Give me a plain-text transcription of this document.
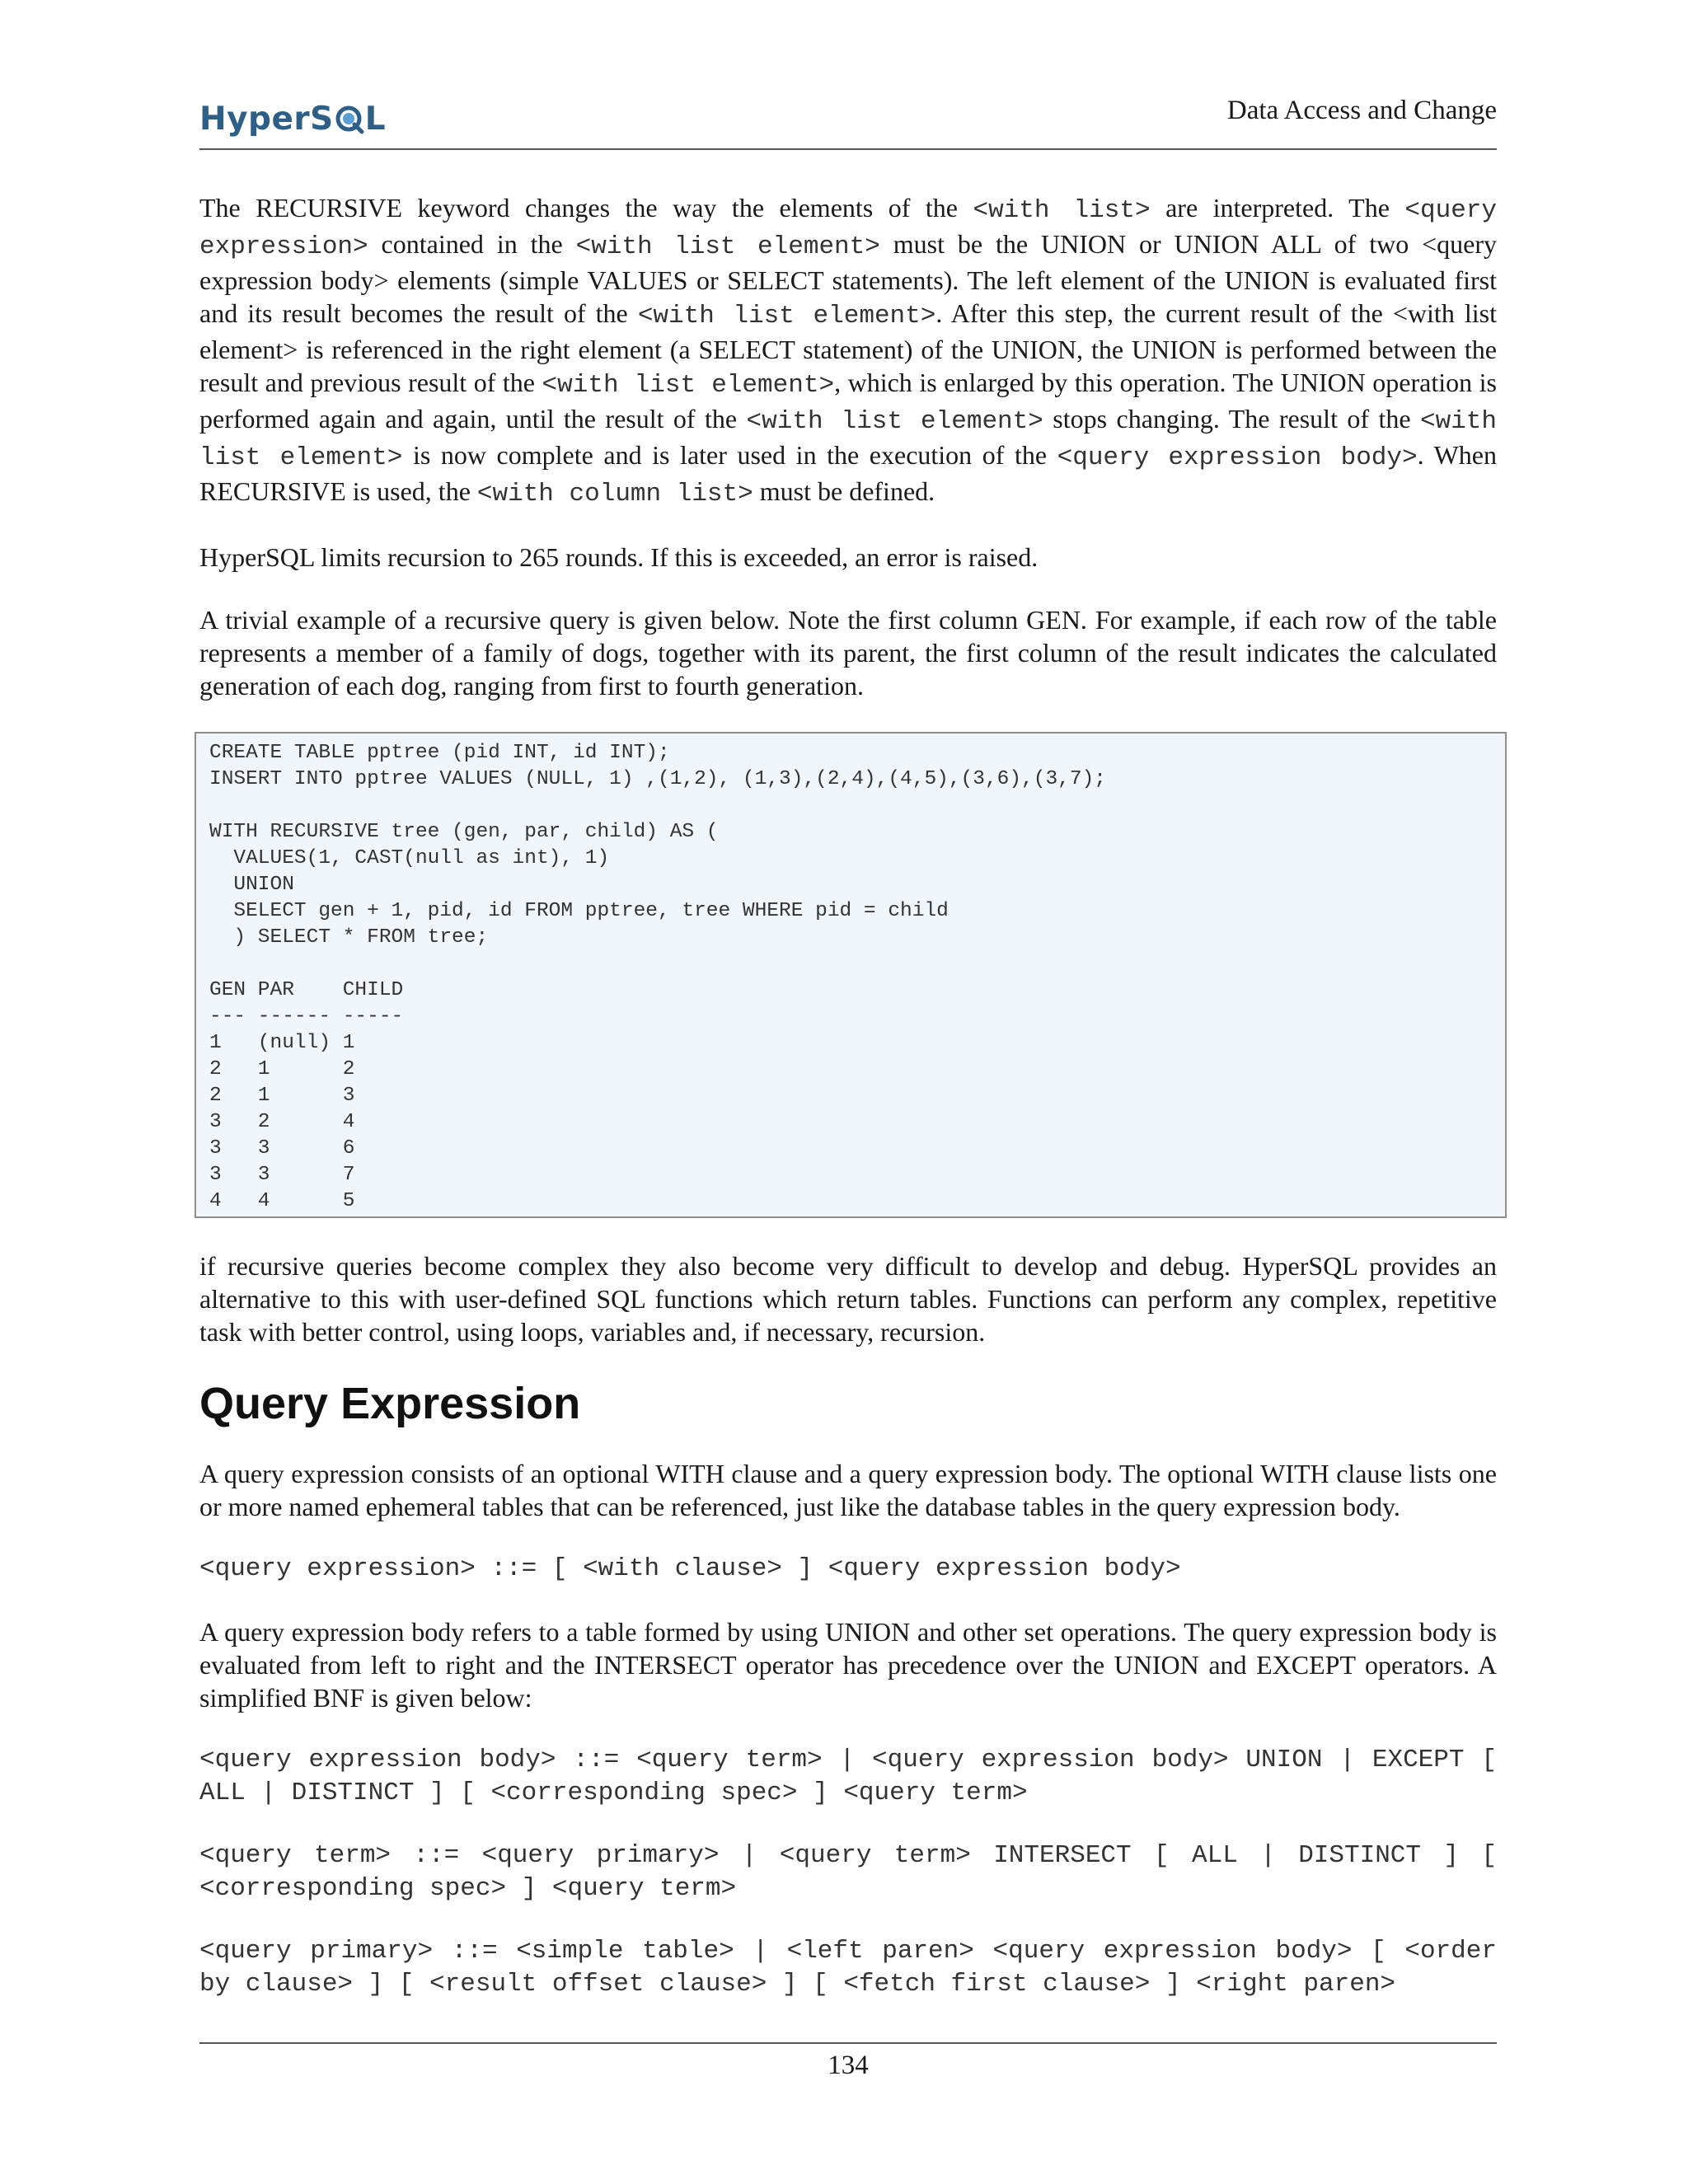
HyperS L	Data Access and Change

The RECURSIVE keyword changes the way the elements of the <with list> are interpreted. The <query expression> contained in the <with list element> must be the UNION or UNION ALL of two <query expression body> elements (simple VALUES or SELECT statements). The left element of the UNION is evaluated first and its result becomes the result of the <with list element>. After this step, the current result of the <with list element> is referenced in the right element (a SELECT statement) of the UNION, the UNION is performed between the result and previous result of the <with list element>, which is enlarged by this operation. The UNION operation is performed again and again, until the result of the <with list element> stops changing. The result of the <with list element> is now complete and is later used in the execution of the <query expression body>. When RECURSIVE is used, the <with column list> must be defined.

HyperSQL limits recursion to 265 rounds. If this is exceeded, an error is raised.

A trivial example of a recursive query is given below. Note the first column GEN. For example, if each row of the table represents a member of a family of dogs, together with its parent, the first column of the result indicates the calculated generation of each dog, ranging from first to fourth generation.

CREATE TABLE pptree (pid INT, id INT);
INSERT INTO pptree VALUES (NULL, 1) ,(1,2), (1,3),(2,4),(4,5),(3,6),(3,7);

WITH RECURSIVE tree (gen, par, child) AS (
VALUES(1, CAST(null as int), 1)
UNION
SELECT gen + 1, pid, id FROM pptree, tree WHERE pid = child
) SELECT * FROM tree;

GEN PAR    CHILD
--- ------ -----
1   (null) 1
2   1      2
2   1      3
3   2      4
3   3      6
3   3      7
4   4      5

if recursive queries become complex they also become very difficult to develop and debug. HyperSQL provides an alternative to this with user-defined SQL functions which return tables. Functions can perform any complex, repetitive task with better control, using loops, variables and, if necessary, recursion.

Query Expression

A query expression consists of an optional WITH clause and a query expression body. The optional WITH clause lists one or more named ephemeral tables that can be referenced, just like the database tables in the query expression body.

<query expression> ::= [ <with clause> ] <query expression body>

A query expression body refers to a table formed by using UNION and other set operations. The query expression body is evaluated from left to right and the INTERSECT operator has precedence over the UNION and EXCEPT operators. A simplified BNF is given below:

<query expression body> ::= <query term> | <query expression body> UNION | EXCEPT [ ALL | DISTINCT ] [ <corresponding spec> ] <query term>

<query term> ::= <query primary> | <query term> INTERSECT [ ALL | DISTINCT ] [ <corresponding spec> ] <query term>

<query primary> ::= <simple table> | <left paren> <query expression body> [ <order by clause> ] [ <result offset clause> ] [ <fetch first clause> ] <right paren>

134
